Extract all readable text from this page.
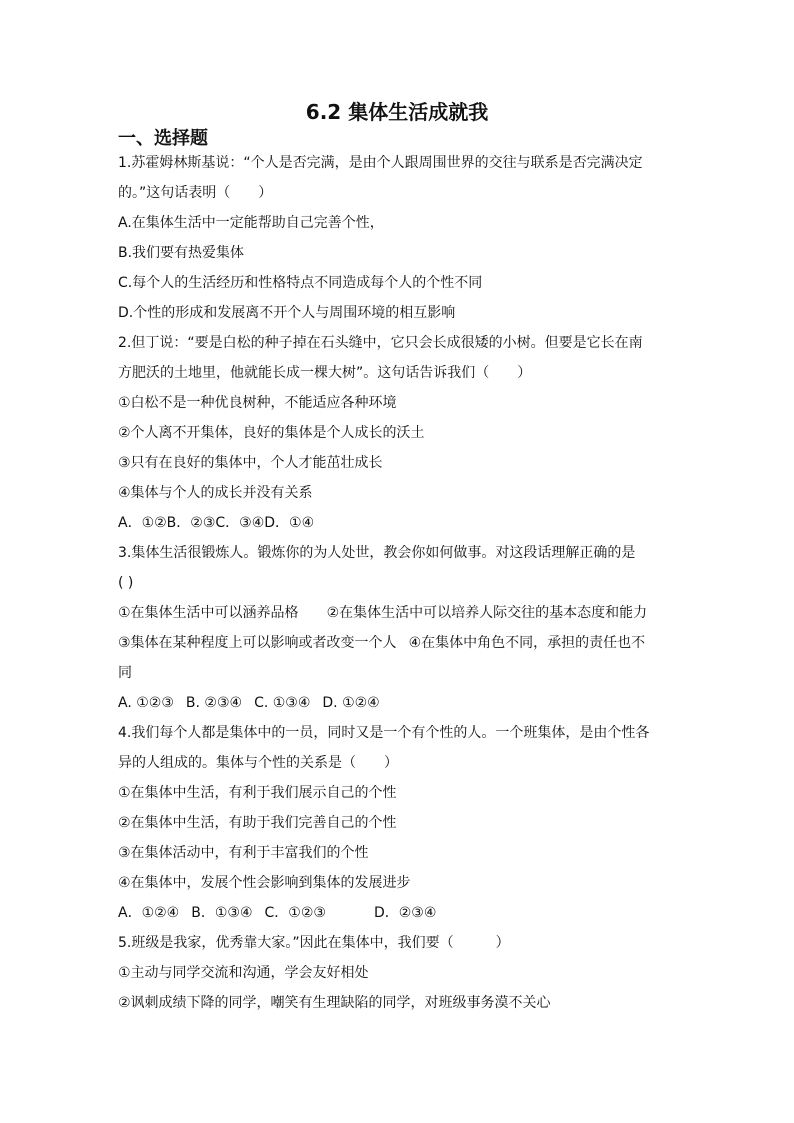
6.2 集体生活成就我
一、选择题
1.苏霍姆林斯基说：“个人是否完满，是由个人跟周围世界的交往与联系是否完满决定
的。”这句话表明（　　）
A.在集体生活中一定能帮助自己完善个性，
B.我们要有热爱集体
C.每个人的生活经历和性格特点不同造成每个人的个性不同
D.个性的形成和发展离不开个人与周围环境的相互影响
2.但丁说：“要是白松的种子掉在石头缝中，它只会长成很矮的小树。但要是它长在南
方肥沃的土地里，他就能长成一棵大树”。这句话告诉我们（　　）
①白松不是一种优良树种，不能适应各种环境
②个人离不开集体，良好的集体是个人成长的沃土
③只有在良好的集体中，个人才能茁壮成长
④集体与个人的成长并没有关系
A．①②B．②③C．③④D．①④
3.集体生活很锻炼人。锻炼你的为人处世，教会你如何做事。对这段话理解正确的是
( )
①在集体生活中可以涵养品格 ②在集体生活中可以培养人际交往的基本态度和能力
③集体在某种程度上可以影响或者改变一个人 ④在集体中角色不同，承担的责任也不
同
A. ①②③ B. ②③④ C. ①③④ D. ①②④
4.我们每个人都是集体中的一员，同时又是一个有个性的人。一个班集体，是由个性各
异的人组成的。集体与个性的关系是（　　）
①在集体中生活，有利于我们展示自己的个性
②在集体中生活，有助于我们完善自己的个性
③在集体活动中，有利于丰富我们的个性
④在集体中，发展个性会影响到集体的发展进步
A．①②④ B．①③④ C．①②③	D．②③④
5.班级是我家，优秀靠大家。”因此在集体中，我们要（　　　）
①主动与同学交流和沟通，学会友好相处
②讽刺成绩下降的同学，嘲笑有生理缺陷的同学，对班级事务漠不关心
